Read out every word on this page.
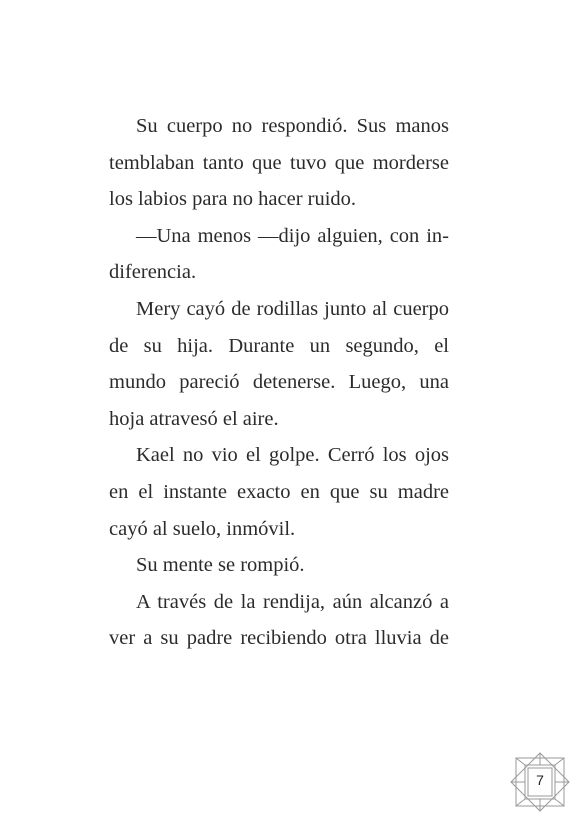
Su cuerpo no respondió. Sus manos
temblaban tanto que tuvo que morderse
los labios para no hacer ruido.
—Una menos —dijo alguien, con in-
diferencia.
Mery cayó de rodillas junto al cuerpo
de su hija. Durante un segundo, el
mundo pareció detenerse. Luego, una
hoja atravesó el aire.
Kael no vio el golpe. Cerró los ojos
en el instante exacto en que su madre
cayó al suelo, inmóvil.
Su mente se rompió.
A través de la rendija, aún alcanzó a
ver a su padre recibiendo otra lluvia de
7
